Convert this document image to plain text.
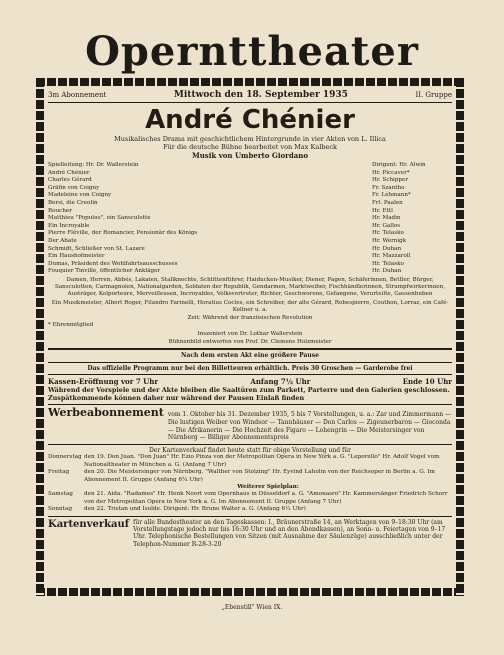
Opernttheater
3m Abonnement	Mittwoch den 18. September 1935	II. Gruppe
André Chénier
Musikalisches Drama mit geschichtlichem Hintergrunde in vier Akten von L. Illica
Für die deutsche Bühne bearbeitet von Max Kalbeck
Musik von Umberto Giordano
Spielleitung: Hr. Dr. Wallerstein	Dirigent: Hr. Alwin
André Chénier	Hr. Piccaver*
Charles Gérard	Hr. Schipper
Gräfin von Coigny	Fr. Szantho
Madeleine von Coigny	Fr. Lehmann*
Bersi, die Creolin	Frl. Paalen
Roucher	Hr. Ettl
Matthieu "Populus", ein Sansculotte	Hr. Madin
Ein Incroyable	Hr. Gallos
Pierre Fléville, der Romancier, Pensionär des Königs	Hr. Telasko
Der Abate	Hr. Wernigk
Schmidt, Schließer von St. Lazare	Hr. Duhan
Ein Haushofmeister	Hr. Mazzaroll
Dumas, Präsident des Wohlfahrtsausschusses	Hr. Telasko
Fouquier Tinville, öffentlicher Ankläger	Hr. Duhan
Damen, Herren, Abbés, Lakaien, Stallknechte, Schlittenführer, Haiducken-Musiker, Diener, Pagen, Schäferinnen, Bettler, Bürger, Sansculotten, Carmagnolen, Nationalgarden, Soldaten der Republik, Gendarmen, Marktweiber, Fischhändlerinnen, Strumpfwirkerinnen, Austräger, Kolporteure, Merveilleusen, Incroyables, Volksvertreter, Richter, Geschworene, Gefangene, Verurteilte, Gassenbuben
Ein Musikmeister, Albert Roger, Filandro Farinelli, Horatius Cocles, ein Schreiber, der alte Gérard, Robespierre, Couthon, Lorraz, ein Café-Kellner u. a.
Zeit: Während der französischen Revolution
* Ehrenmitglied
Inszeniert von Dr. Lothar Wallerstein
Bühnenbild entworfen von Prof. Dr. Clemens Holzmeister
Nach dem ersten Akt eine größere Pause
Das offizielle Programm nur bei den Billetteuren erhältlich. Preis 30 Groschen — Garderobe frei
Kassen-Eröffnung vor 7 Uhr	Anfang 7½ Uhr	Ende 10 Uhr
Während der Vorspiele und der Akte bleiben die Saaltüren zum Parkett, Parterre und den Galerien geschlossen. Zuspätkommende können daher nur während der Pausen Einlaß finden
Werbeabonnement vom 1. Oktober bis 31. Dezember 1935, 5 bis 7 Vorstellungen, u. a.: Zar und Zimmermann — Die lustigen Weiber von Windsor — Tannhäuser — Don Carlos — Zigeunerbaron — Gioconda — Die Afrikanerin — Die Hochzeit des Figaro — Lohengrin — Die Meistersinger von Nürnberg — Billiger Abonnementspreis
Der Kartenverkauf findet heute statt für obige Vorstellung und für
Donnerstag den 19. Don Juan. "Don Juan" Hr. Ezio Pinza von der Metropolitan Opera in New York a. G. "Leporello" Hr. Adolf Vogel vom Nationaltheater in München a. G. (Anfang 7 Uhr)
Freitag	den 20. Die Meistersinger von Nürnberg. "Walther von Stolzing" Hr. Eyvind Laholm von der Reichsoper in Berlin a. G. Im Abonnement II. Gruppe (Anfang 6¼ Uhr)
Weiterer Spielplan:
Samstag	den 21. Aida. "Radames" Hr. Henk Noort vom Opernhaus in Düsseldorf a. G. "Amonasro" Hr. Kammersänger Friedrich Schorr von der Metropolitan Opera in New York a. G. Im Abonnement II. Gruppe (Anfang 7 Uhr)
Sonntag	den 22. Tristan und Isolde. Dirigent: Hr. Bruno Walter a. G. (Anfang 6¼ Uhr)
Kartenverkauf für alle Bundestheater an den Tageskassen: I., Bräunerstraße 14, an Werktagen von 9–18:30 Uhr (am Vorstellungstage jedoch nur bis 16:30 Uhr und an den Abendkassen), an Sonn- u. Feiertagen von 9–17 Uhr. Telephonische Bestellungen von Sitzen (mit Ausnahme der Säulenzüge) ausschließlich unter der Telephon-Nummer R-28-3-20
„Ebenstill" Wien IX.
